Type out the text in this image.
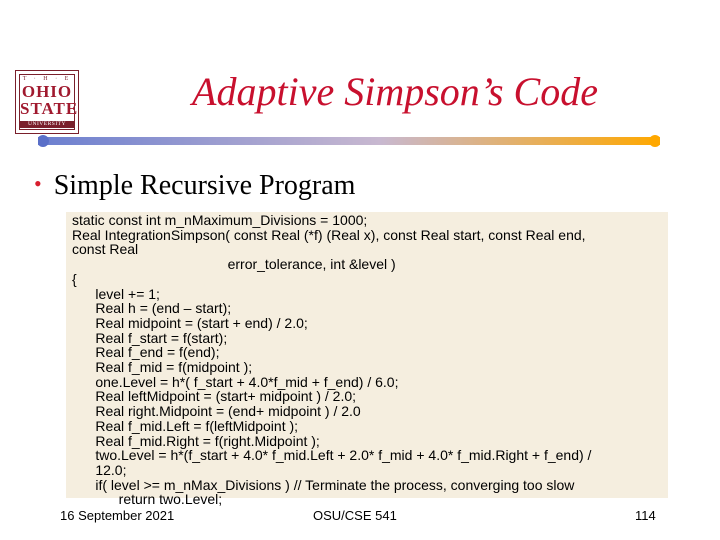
T · H · E
OHIO
STATE
UNIVERSITY
Adaptive Simpson’s Code
• Simple Recursive Program
static const int m_nMaximum_Divisions = 1000;
Real IntegrationSimpson( const Real (*f) (Real x), const Real start, const Real end,
const Real
error_tolerance, int &level )
{
level += 1;
Real h = (end – start);
Real midpoint = (start + end) / 2.0;
Real f_start = f(start);
Real f_end = f(end);
Real f_mid = f(midpoint );
one.Level = h*( f_start + 4.0*f_mid + f_end) / 6.0;
Real leftMidpoint = (start+ midpoint ) / 2.0;
Real right.Midpoint = (end+ midpoint ) / 2.0
Real f_mid.Left = f(leftMidpoint );
Real f_mid.Right = f(right.Midpoint );
two.Level = h*(f_start + 4.0* f_mid.Left + 2.0* f_mid + 4.0* f_mid.Right + f_end) /
12.0;
if( level >= m_nMax_Divisions ) // Terminate the process, converging too slow
return two.Level;
16 September 2021	OSU/CSE 541	114
